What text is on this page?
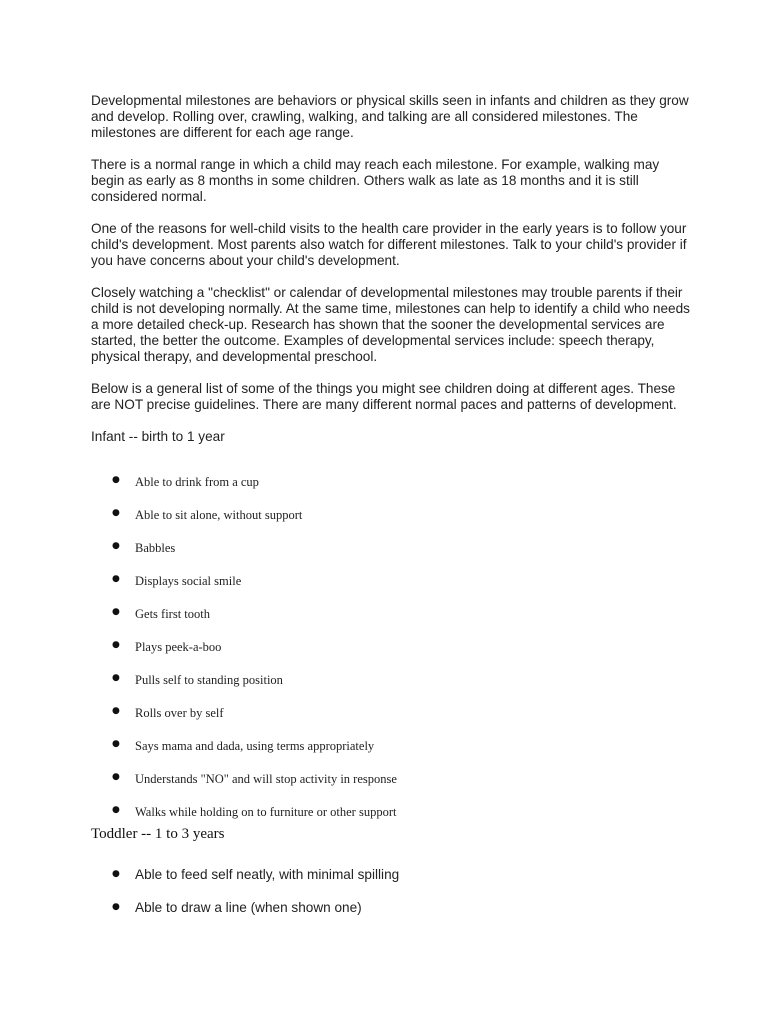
Developmental milestones are behaviors or physical skills seen in infants and children as they grow and develop. Rolling over, crawling, walking, and talking are all considered milestones. The milestones are different for each age range.

There is a normal range in which a child may reach each milestone. For example, walking may begin as early as 8 months in some children. Others walk as late as 18 months and it is still considered normal.

One of the reasons for well-child visits to the health care provider in the early years is to follow your child's development. Most parents also watch for different milestones. Talk to your child's provider if you have concerns about your child's development.

Closely watching a "checklist" or calendar of developmental milestones may trouble parents if their child is not developing normally. At the same time, milestones can help to identify a child who needs a more detailed check-up. Research has shown that the sooner the developmental services are started, the better the outcome. Examples of developmental services include: speech therapy, physical therapy, and developmental preschool.

Below is a general list of some of the things you might see children doing at different ages. These are NOT precise guidelines. There are many different normal paces and patterns of development.

Infant -- birth to 1 year

● Able to drink from a cup
● Able to sit alone, without support
● Babbles
● Displays social smile
● Gets first tooth
● Plays peek-a-boo
● Pulls self to standing position
● Rolls over by self
● Says mama and dada, using terms appropriately
● Understands "NO" and will stop activity in response
● Walks while holding on to furniture or other support

Toddler -- 1 to 3 years

● Able to feed self neatly, with minimal spilling
● Able to draw a line (when shown one)
